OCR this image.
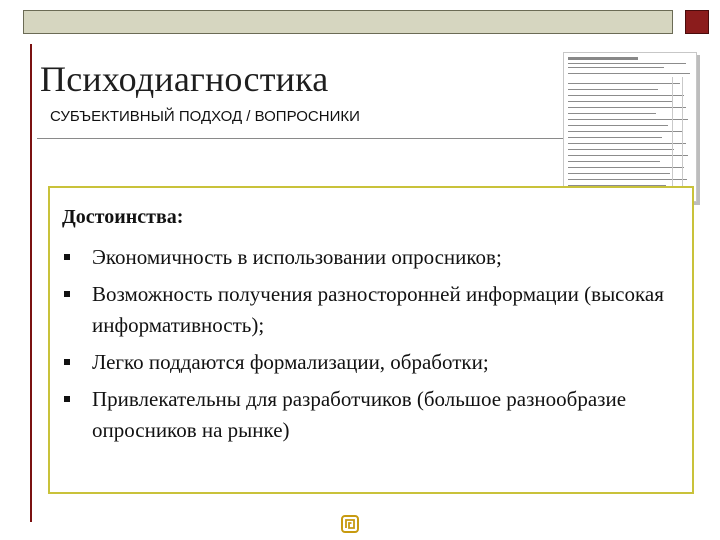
Психодиагностика
СУБЪЕКТИВНЫЙ ПОДХОД / ВОПРОСНИКИ
Достоинства:
Экономичность в использовании опросников;
Возможность получения разносторонней информации (высокая информативность);
Легко поддаются формализации, обработки;
Привлекательны для разработчиков (большое разнообразие опросников на рынке)
